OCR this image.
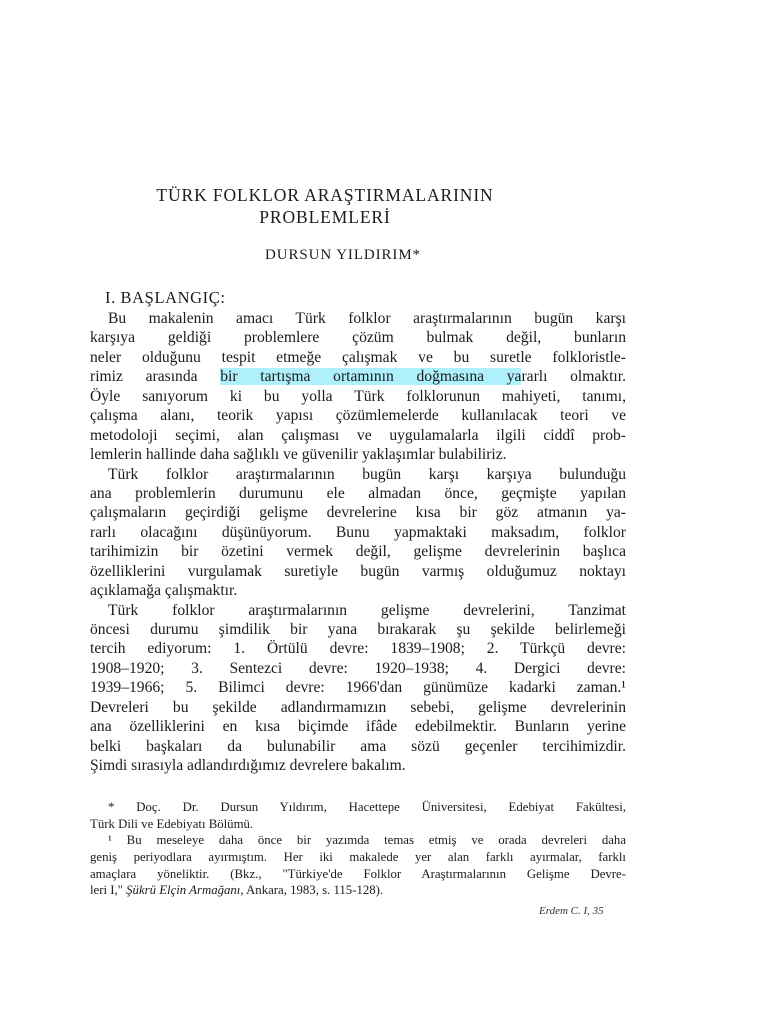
TÜRK FOLKLOR ARAŞTIRMALARININ
PROBLEMLERİ
DURSUN YILDIRIM*
I. BAŞLANGIÇ:
Bu makalenin amacı Türk folklor araştırmalarının bugün karşı
karşıya geldiği problemlere çözüm bulmak değil, bunların
neler olduğunu tespit etmeğe çalışmak ve bu suretle folkloristle-
rimiz arasında bir tartışma ortamının doğmasına yararlı olmaktır.
Öyle sanıyorum ki bu yolla Türk folklorunun mahiyeti, tanımı,
çalışma alanı, teorik yapısı çözümlemelerde kullanılacak teori ve
metodoloji seçimi, alan çalışması ve uygulamalarla ilgili ciddî prob-
lemlerin hallinde daha sağlıklı ve güvenilir yaklaşımlar bulabiliriz.
Türk folklor araştırmalarının bugün karşı karşıya bulunduğu
ana problemlerin durumunu ele almadan önce, geçmişte yapılan
çalışmaların geçirdiği gelişme devrelerine kısa bir göz atmanın ya-
rarlı olacağını düşünüyorum. Bunu yapmaktaki maksadım, folklor
tarihimizin bir özetini vermek değil, gelişme devrelerinin başlıca
özelliklerini vurgulamak suretiyle bugün varmış olduğumuz noktayı
açıklamağa çalışmaktır.
Türk folklor araştırmalarının gelişme devrelerini, Tanzimat
öncesi durumu şimdilik bir yana bırakarak şu şekilde belirlemeği
tercih ediyorum: 1. Örtülü devre: 1839–1908; 2. Türkçü devre:
1908–1920; 3. Sentezci devre: 1920–1938; 4. Dergici devre:
1939–1966; 5. Bilimci devre: 1966'dan günümüze kadarki zaman.¹
Devreleri bu şekilde adlandırmamızın sebebi, gelişme devrelerinin
ana özelliklerini en kısa biçimde ifâde edebilmektir. Bunların yerine
belki başkaları da bulunabilir ama sözü geçenler tercihimizdir.
Şimdi sırasıyla adlandırdığımız devrelere bakalım.
* Doç. Dr. Dursun Yıldırım, Hacettepe Üniversitesi, Edebiyat Fakültesi,
Türk Dili ve Edebiyatı Bölümü.
¹ Bu meseleye daha önce bir yazımda temas etmiş ve orada devreleri daha
geniş periyodlara ayırmıştım. Her iki makalede yer alan farklı ayırmalar, farklı
amaçlara yöneliktir. (Bkz., "Türkiye'de Folklor Araştırmalarının Gelişme Devre-
leri I," Şükrü Elçin Armağanı, Ankara, 1983, s. 115-128).
Erdem C. I, 35
